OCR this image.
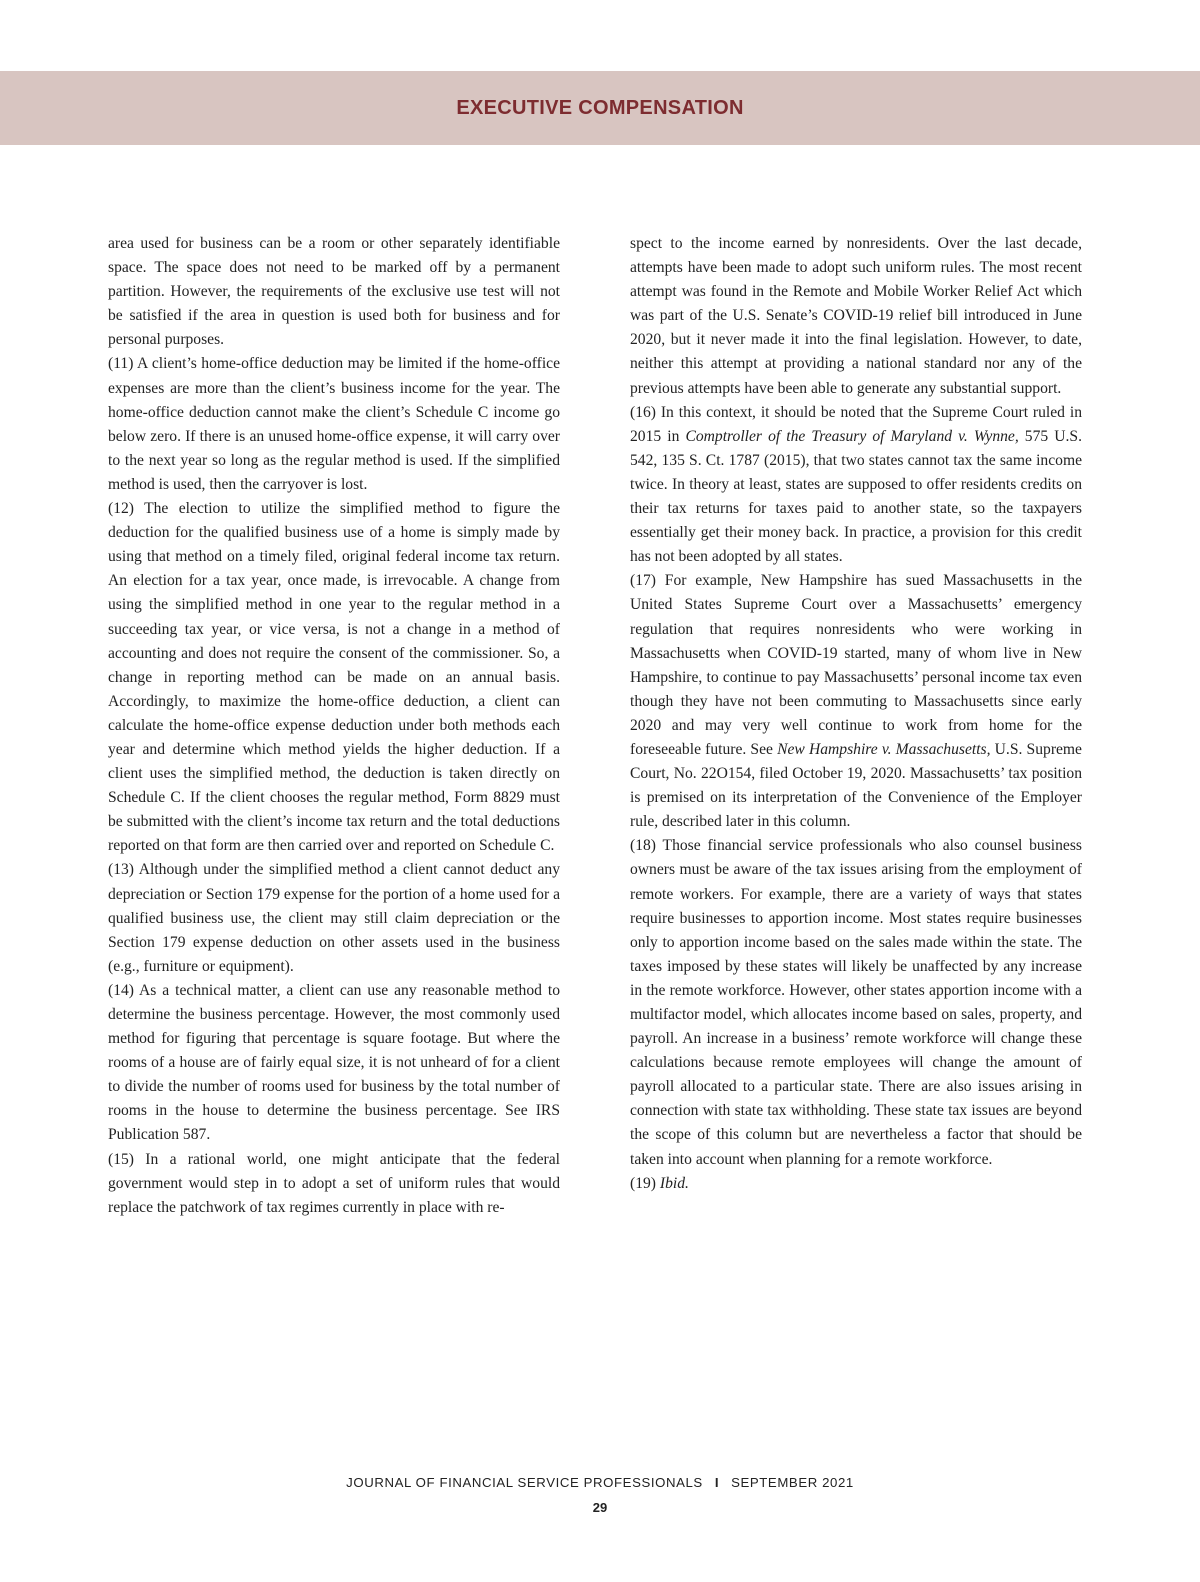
EXECUTIVE COMPENSATION

area used for business can be a room or other separately identifiable space. The space does not need to be marked off by a permanent partition. However, the requirements of the exclusive use test will not be satisfied if the area in question is used both for business and for personal purposes.

(11) A client’s home-office deduction may be limited if the home-office expenses are more than the client’s business income for the year. The home-office deduction cannot make the client’s Schedule C income go below zero. If there is an unused home-office expense, it will carry over to the next year so long as the regular method is used. If the simplified method is used, then the carryover is lost.

(12) The election to utilize the simplified method to figure the deduction for the qualified business use of a home is simply made by using that method on a timely filed, original federal income tax return. An election for a tax year, once made, is irrevocable. A change from using the simplified method in one year to the regular method in a succeeding tax year, or vice versa, is not a change in a method of accounting and does not require the consent of the commissioner. So, a change in reporting method can be made on an annual basis. Accordingly, to maximize the home-office deduction, a client can calculate the home-office expense deduction under both methods each year and determine which method yields the higher deduction. If a client uses the simplified method, the deduction is taken directly on Schedule C. If the client chooses the regular method, Form 8829 must be submitted with the client’s income tax return and the total deductions reported on that form are then carried over and reported on Schedule C.

(13) Although under the simplified method a client cannot deduct any depreciation or Section 179 expense for the portion of a home used for a qualified business use, the client may still claim depreciation or the Section 179 expense deduction on other assets used in the business (e.g., furniture or equipment).

(14) As a technical matter, a client can use any reasonable method to determine the business percentage. However, the most commonly used method for figuring that percentage is square footage. But where the rooms of a house are of fairly equal size, it is not unheard of for a client to divide the number of rooms used for business by the total number of rooms in the house to determine the business percentage. See IRS Publication 587.

(15) In a rational world, one might anticipate that the federal government would step in to adopt a set of uniform rules that would replace the patchwork of tax regimes currently in place with re-

spect to the income earned by nonresidents. Over the last decade, attempts have been made to adopt such uniform rules. The most recent attempt was found in the Remote and Mobile Worker Relief Act which was part of the U.S. Senate’s COVID-19 relief bill introduced in June 2020, but it never made it into the final legislation. However, to date, neither this attempt at providing a national standard nor any of the previous attempts have been able to generate any substantial support.

(16) In this context, it should be noted that the Supreme Court ruled in 2015 in Comptroller of the Treasury of Maryland v. Wynne, 575 U.S. 542, 135 S. Ct. 1787 (2015), that two states cannot tax the same income twice. In theory at least, states are supposed to offer residents credits on their tax returns for taxes paid to another state, so the taxpayers essentially get their money back. In practice, a provision for this credit has not been adopted by all states.

(17) For example, New Hampshire has sued Massachusetts in the United States Supreme Court over a Massachusetts’ emergency regulation that requires nonresidents who were working in Massachusetts when COVID-19 started, many of whom live in New Hampshire, to continue to pay Massachusetts’ personal income tax even though they have not been commuting to Massachusetts since early 2020 and may very well continue to work from home for the foreseeable future. See New Hampshire v. Massachusetts, U.S. Supreme Court, No. 22O154, filed October 19, 2020. Massachusetts’ tax position is premised on its interpretation of the Convenience of the Employer rule, described later in this column.

(18) Those financial service professionals who also counsel business owners must be aware of the tax issues arising from the employment of remote workers. For example, there are a variety of ways that states require businesses to apportion income. Most states require businesses only to apportion income based on the sales made within the state. The taxes imposed by these states will likely be unaffected by any increase in the remote workforce. However, other states apportion income with a multifactor model, which allocates income based on sales, property, and payroll. An increase in a business’ remote workforce will change these calculations because remote employees will change the amount of payroll allocated to a particular state. There are also issues arising in connection with state tax withholding. These state tax issues are beyond the scope of this column but are nevertheless a factor that should be taken into account when planning for a remote workforce.

(19) Ibid.

JOURNAL OF FINANCIAL SERVICE PROFESSIONALS I SEPTEMBER 2021
29
